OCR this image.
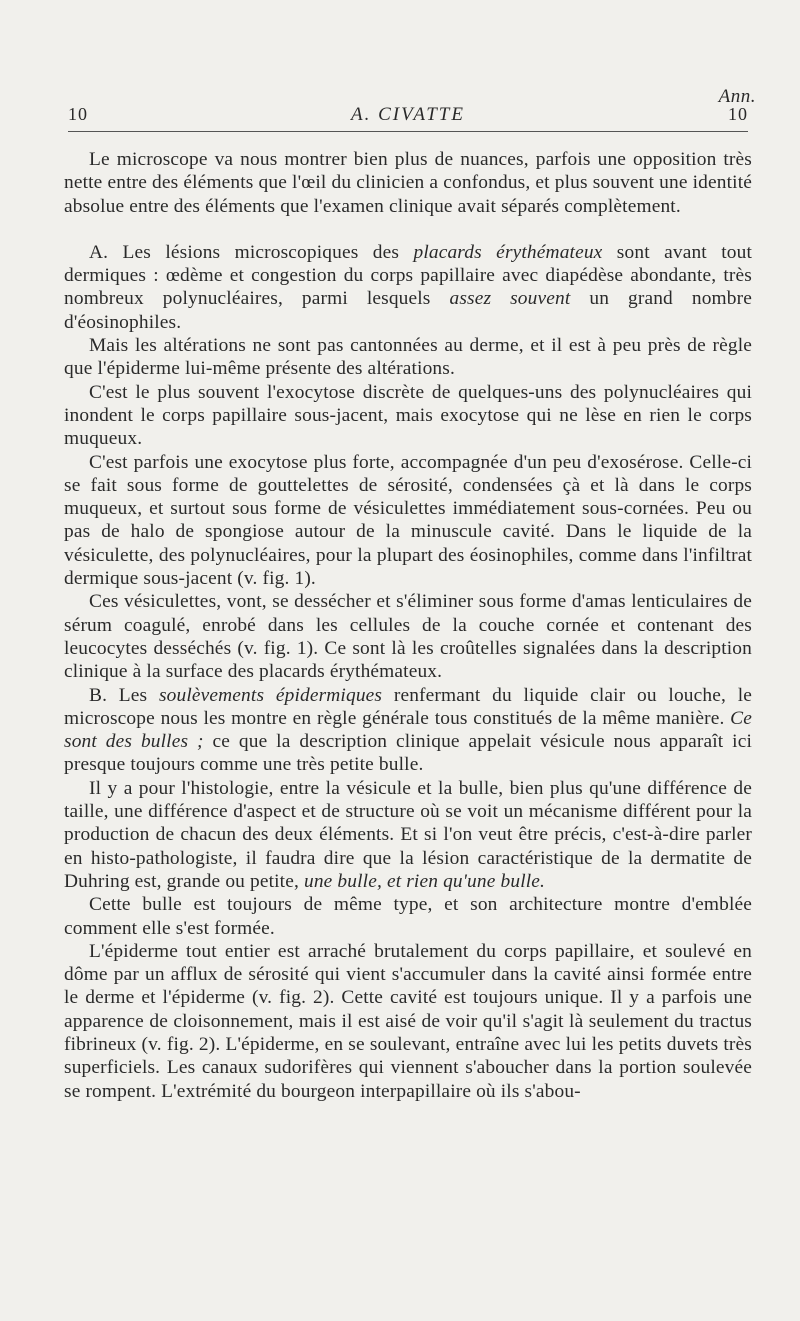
Ann.
10	A. CIVATTE	10

Le microscope va nous montrer bien plus de nuances, parfois une opposition très nette entre des éléments que l'œil du clinicien a confondus, et plus souvent une identité absolue entre des éléments que l'examen clinique avait séparés complètement.

A. Les lésions microscopiques des placards érythémateux sont avant tout dermiques : œdème et congestion du corps papillaire avec diapédèse abondante, très nombreux polynucléaires, parmi lesquels assez souvent un grand nombre d'éosinophiles.

Mais les altérations ne sont pas cantonnées au derme, et il est à peu près de règle que l'épiderme lui-même présente des altérations.

C'est le plus souvent l'exocytose discrète de quelques-uns des polynucléaires qui inondent le corps papillaire sous-jacent, mais exocytose qui ne lèse en rien le corps muqueux.

C'est parfois une exocytose plus forte, accompagnée d'un peu d'exosérose. Celle-ci se fait sous forme de gouttelettes de sérosité, condensées çà et là dans le corps muqueux, et surtout sous forme de vésiculettes immédiatement sous-cornées. Peu ou pas de halo de spongiose autour de la minuscule cavité. Dans le liquide de la vésiculette, des polynucléaires, pour la plupart des éosinophiles, comme dans l'infiltrat dermique sous-jacent (v. fig. 1).

Ces vésiculettes, vont, se dessécher et s'éliminer sous forme d'amas lenticulaires de sérum coagulé, enrobé dans les cellules de la couche cornée et contenant des leucocytes desséchés (v. fig. 1). Ce sont là les croûtelles signalées dans la description clinique à la surface des placards érythémateux.

B. Les soulèvements épidermiques renfermant du liquide clair ou louche, le microscope nous les montre en règle générale tous constitués de la même manière. Ce sont des bulles ; ce que la description clinique appelait vésicule nous apparaît ici presque toujours comme une très petite bulle.

Il y a pour l'histologie, entre la vésicule et la bulle, bien plus qu'une différence de taille, une différence d'aspect et de structure où se voit un mécanisme différent pour la production de chacun des deux éléments. Et si l'on veut être précis, c'est-à-dire parler en histo-pathologiste, il faudra dire que la lésion caractéristique de la dermatite de Duhring est, grande ou petite, une bulle, et rien qu'une bulle.

Cette bulle est toujours de même type, et son architecture montre d'emblée comment elle s'est formée.

L'épiderme tout entier est arraché brutalement du corps papillaire, et soulevé en dôme par un afflux de sérosité qui vient s'accumuler dans la cavité ainsi formée entre le derme et l'épiderme (v. fig. 2). Cette cavité est toujours unique. Il y a parfois une apparence de cloisonnement, mais il est aisé de voir qu'il s'agit là seulement du tractus fibrineux (v. fig. 2). L'épiderme, en se soulevant, entraîne avec lui les petits duvets très superficiels. Les canaux sudorifères qui viennent s'aboucher dans la portion soulevée se rompent. L'extrémité du bourgeon interpapillaire où ils s'abou-
